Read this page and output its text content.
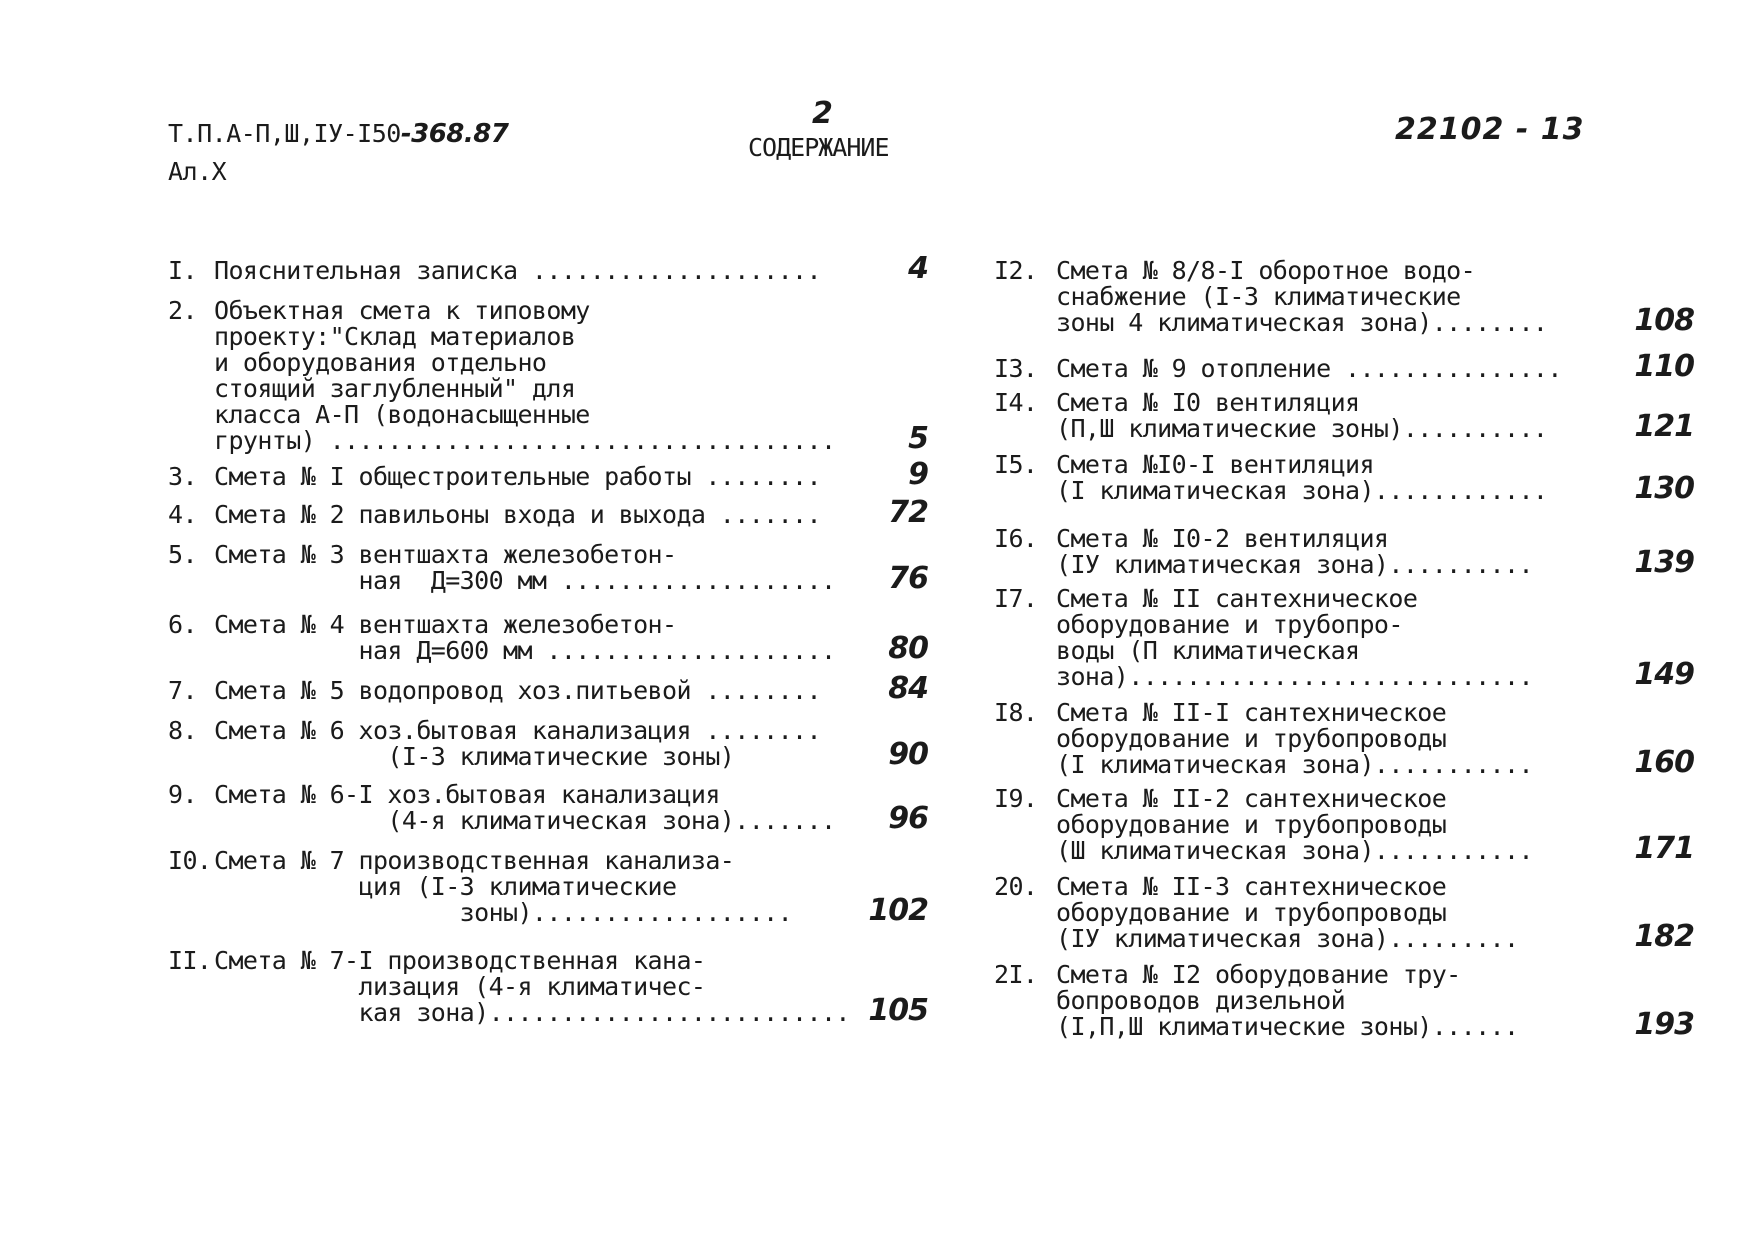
Т.П.А-П,Ш,IУ-I50-368.87
Ал.Х
2
СОДЕРЖАНИЕ
22102 - 13
I. Пояснительная записка ....................	4
2. Объектная смета к типовому
проекту:"Склад материалов
и оборудования отдельно
стоящий заглубленный" для
класса А-П (водонасыщенные
грунты) ...................................	5
3. Смета № I общестроительные работы ........	9
4. Смета № 2 павильоны входа и выхода ....... 72
5. Смета № 3 вентшахта железобетон-
ная  Д=300 мм ...................	76
6. Смета № 4 вентшахта железобетон-
ная Д=600 мм ....................	80
7. Смета № 5 водопровод хоз.питьевой ........ 84
8. Смета № 6 хоз.бытовая канализация ........
(I-3 климатические зоны)	90
9. Смета № 6-I хоз.бытовая канализация
(4-я климатическая зона).......	96
I0. Смета № 7 производственная канализа-
ция (I-3 климатические
зоны)..................	102
II. Смета № 7-I производственная кана-
лизация (4-я климатичес-
кая зона)......................... 105
I2. Смета № 8/8-I оборотное водо-
снабжение (I-3 климатические
зоны 4 климатическая зона)........	108
I3. Смета № 9 отопление ............... 110
I4. Смета № I0 вентиляция
(П,Ш климатические зоны)..........	121
I5. Смета №I0-I вентиляция
(I климатическая зона)............	130
I6. Смета № I0-2 вентиляция
(IУ климатическая зона)..........	139
I7. Смета № II сантехническое
оборудование и трубопро-
воды (П климатическая
зона)............................	149
I8. Смета № II-I сантехническое
оборудование и трубопроводы
(I климатическая зона)...........	160
I9. Смета № II-2 сантехническое
оборудование и трубопроводы
(Ш климатическая зона)...........	171
20. Смета № II-3 сантехническое
оборудование и трубопроводы
(IУ климатическая зона).........	182
2I. Смета № I2 оборудование тру-
бопроводов дизельной
(I,П,Ш климатические зоны)......	193
